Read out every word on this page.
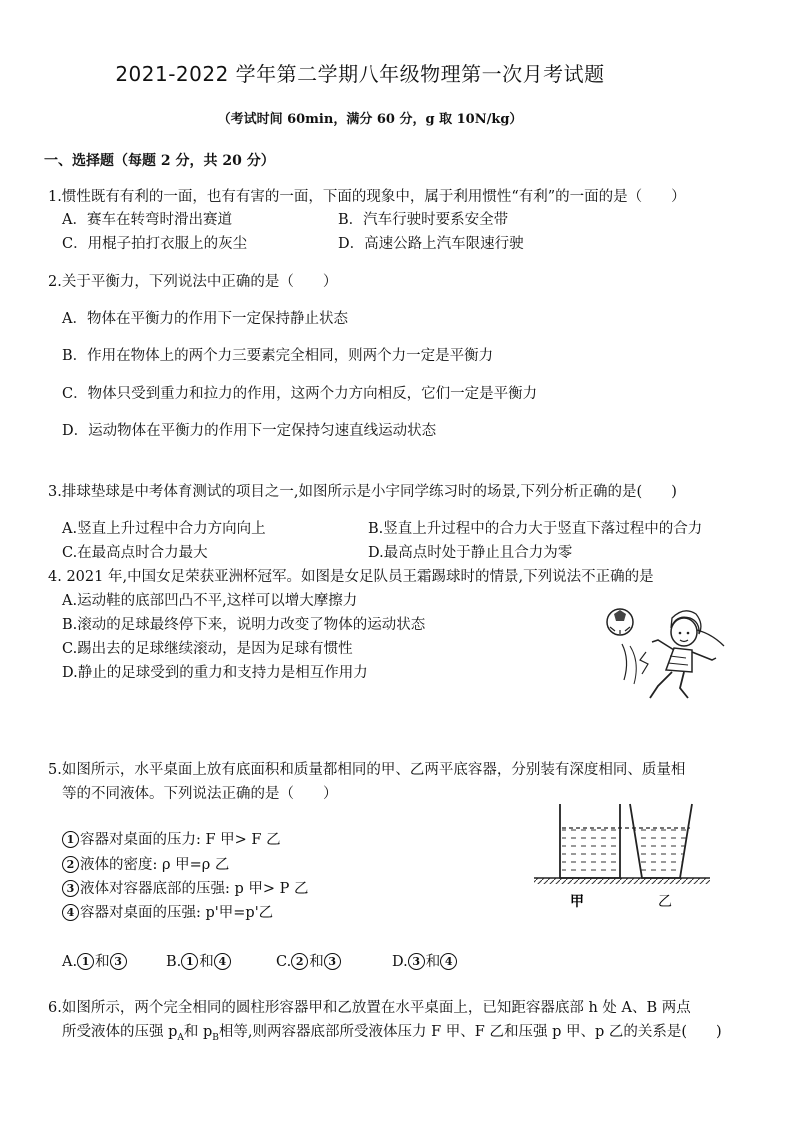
2021-2022 学年第二学期八年级物理第一次月考试题
（考试时间 60min，满分 60 分，g 取 10N/kg）
一、选择题（每题 2 分，共 20 分）
1.惯性既有有利的一面，也有有害的一面，下面的现象中，属于利用惯性“有利”的一面的是（　　）
A．赛车在转弯时滑出赛道	B．汽车行驶时要系安全带
C．用棍子拍打衣服上的灰尘	D．高速公路上汽车限速行驶
2.关于平衡力，下列说法中正确的是（　　）
A．物体在平衡力的作用下一定保持静止状态
B．作用在物体上的两个力三要素完全相同，则两个力一定是平衡力
C．物体只受到重力和拉力的作用，这两个力方向相反，它们一定是平衡力
D．运动物体在平衡力的作用下一定保持匀速直线运动状态
3.排球垫球是中考体育测试的项目之一,如图所示是小宇同学练习时的场景,下列分析正确的是(　　)
A.竖直上升过程中合力方向向上	B.竖直上升过程中的合力大于竖直下落过程中的合力
C.在最高点时合力最大	D.最高点时处于静止且合力为零
4. 2021 年,中国女足荣获亚洲杯冠军。如图是女足队员王霜踢球时的情景,下列说法不正确的是
A.运动鞋的底部凹凸不平,这样可以增大摩擦力
B.滚动的足球最终停下来，说明力改变了物体的运动状态
C.踢出去的足球继续滚动，是因为足球有惯性
D.静止的足球受到的重力和支持力是相互作用力
5.如图所示，水平桌面上放有底面积和质量都相同的甲、乙两平底容器，分别装有深度相同、质量相
等的不同液体。下列说法正确的是（　　）
1 容器对桌面的压力: F 甲> F 乙
2 液体的密度: ρ 甲=ρ 乙
3 液体对容器底部的压强: p 甲> P 乙
4 容器对桌面的压强: p'甲=p'乙
A. 1 和 3	B. 1 和 4	C. 2 和 3	D. 3 和 4
甲	乙
6.如图所示，两个完全相同的圆柱形容器甲和乙放置在水平桌面上，已知距容器底部 h 处 A、B 两点
所受液体的压强 $p_A$和 $p_B$相等,则两容器底部所受液体压力 F 甲、F 乙和压强 p 甲、p 乙的关系是(　　)
